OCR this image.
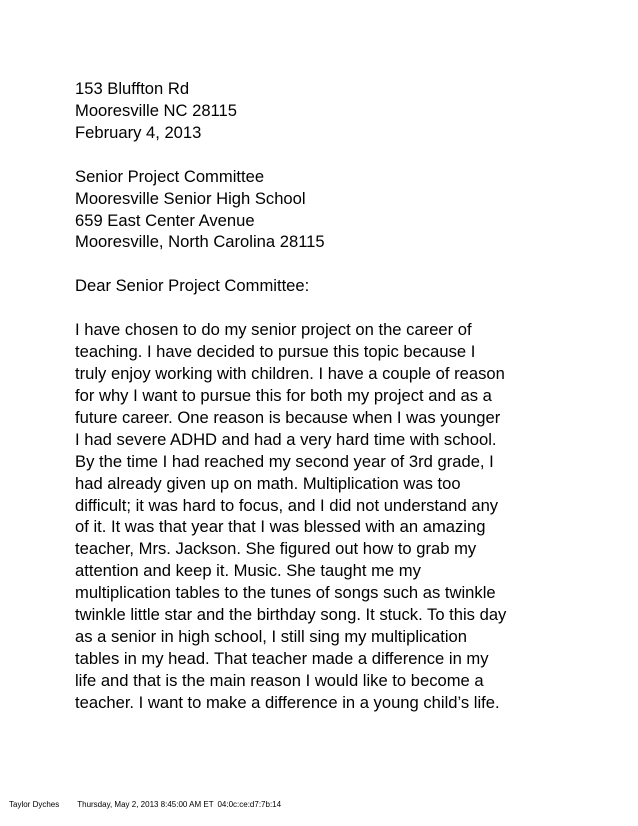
153 Bluffton Rd
Mooresville NC 28115
February 4, 2013
Senior Project Committee
Mooresville Senior High School
659 East Center Avenue
Mooresville, North Carolina 28115
Dear Senior Project Committee:
I have chosen to do my senior project on the career of
teaching. I have decided to pursue this topic because I
truly enjoy working with children. I have a couple of reason
for why I want to pursue this for both my project and as a
future career. One reason is because when I was younger
I had severe ADHD and had a very hard time with school.
By the time I had reached my second year of 3rd grade, I
had already given up on math. Multiplication was too
difficult; it was hard to focus, and I did not understand any
of it. It was that year that I was blessed with an amazing
teacher, Mrs. Jackson. She figured out how to grab my
attention and keep it. Music. She taught me my
multiplication tables to the tunes of songs such as twinkle
twinkle little star and the birthday song. It stuck. To this day
as a senior in high school, I still sing my multiplication
tables in my head. That teacher made a difference in my
life and that is the main reason I would like to become a
teacher. I want to make a difference in a young child’s life.
Taylor Dyches Thursday, May 2, 2013 8:45:00 AM ET 04:0c:ce:d7:7b:14
